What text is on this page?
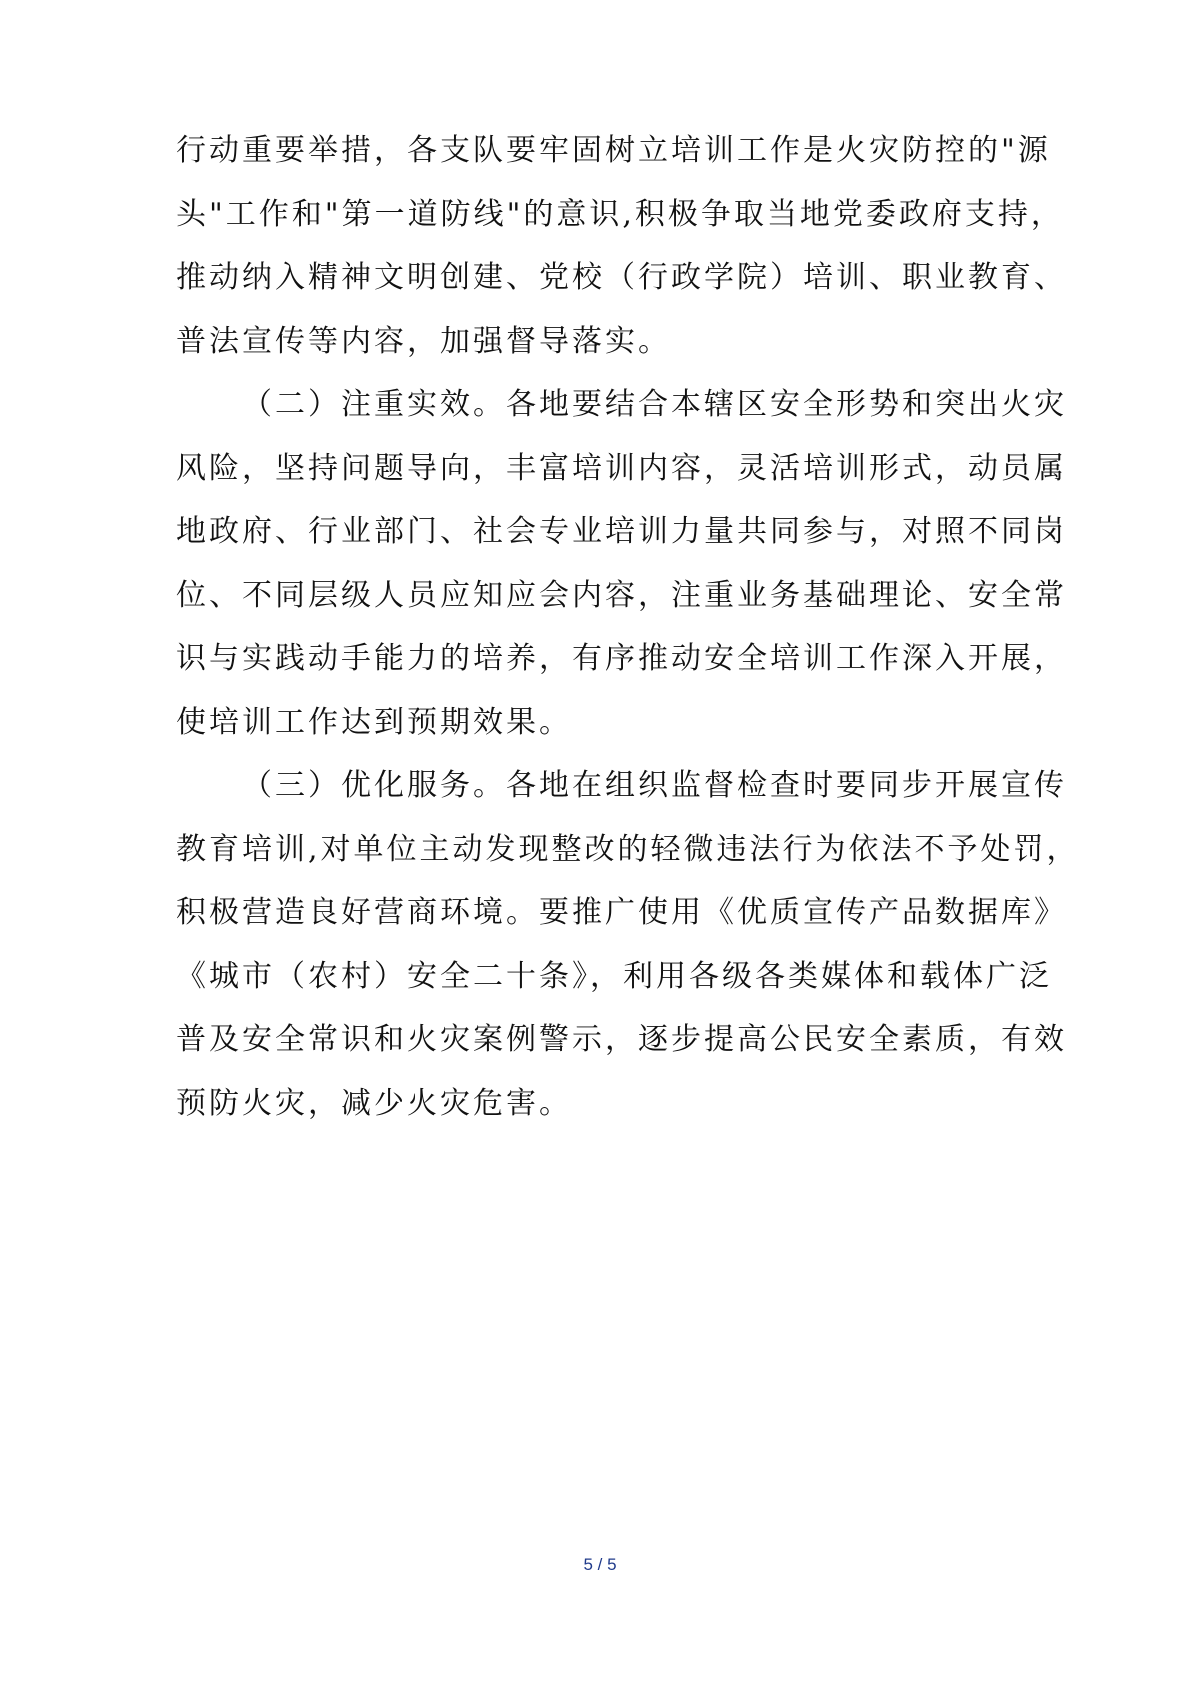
行动重要举措，各支队要牢固树立培训工作是火灾防控的"源
头"工作和"第一道防线"的意识,积极争取当地党委政府支持，
推动纳入精神文明创建、党校（行政学院）培训、职业教育、
普法宣传等内容，加强督导落实。
（二）注重实效。各地要结合本辖区安全形势和突出火灾
风险，坚持问题导向，丰富培训内容，灵活培训形式，动员属
地政府、行业部门、社会专业培训力量共同参与，对照不同岗
位、不同层级人员应知应会内容，注重业务基础理论、安全常
识与实践动手能力的培养，有序推动安全培训工作深入开展，
使培训工作达到预期效果。
（三）优化服务。各地在组织监督检查时要同步开展宣传
教育培训,对单位主动发现整改的轻微违法行为依法不予处罚，
积极营造良好营商环境。要推广使用《优质宣传产品数据库》
《城市（农村）安全二十条》，利用各级各类媒体和载体广泛
普及安全常识和火灾案例警示，逐步提高公民安全素质，有效
预防火灾，减少火灾危害。
5 / 5
